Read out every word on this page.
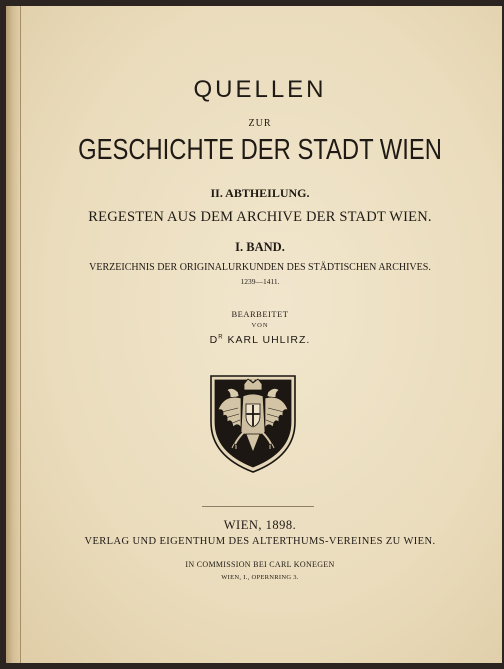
QUELLEN

ZUR

GESCHICHTE DER STADT WIEN

II. ABTHEILUNG.

REGESTEN AUS DEM ARCHIVE DER STADT WIEN.

I. BAND.

VERZEICHNIS DER ORIGINALURKUNDEN DES STÄDTISCHEN ARCHIVES.

1239—1411.

BEARBEITET

VON

$D^R$ KARL UHLIRZ.

WIEN, 1898.

VERLAG UND EIGENTHUM DES ALTERTHUMS-VEREINES ZU WIEN.

IN COMMISSION BEI CARL KONEGEN

WIEN, I., OPERNRING 3.
